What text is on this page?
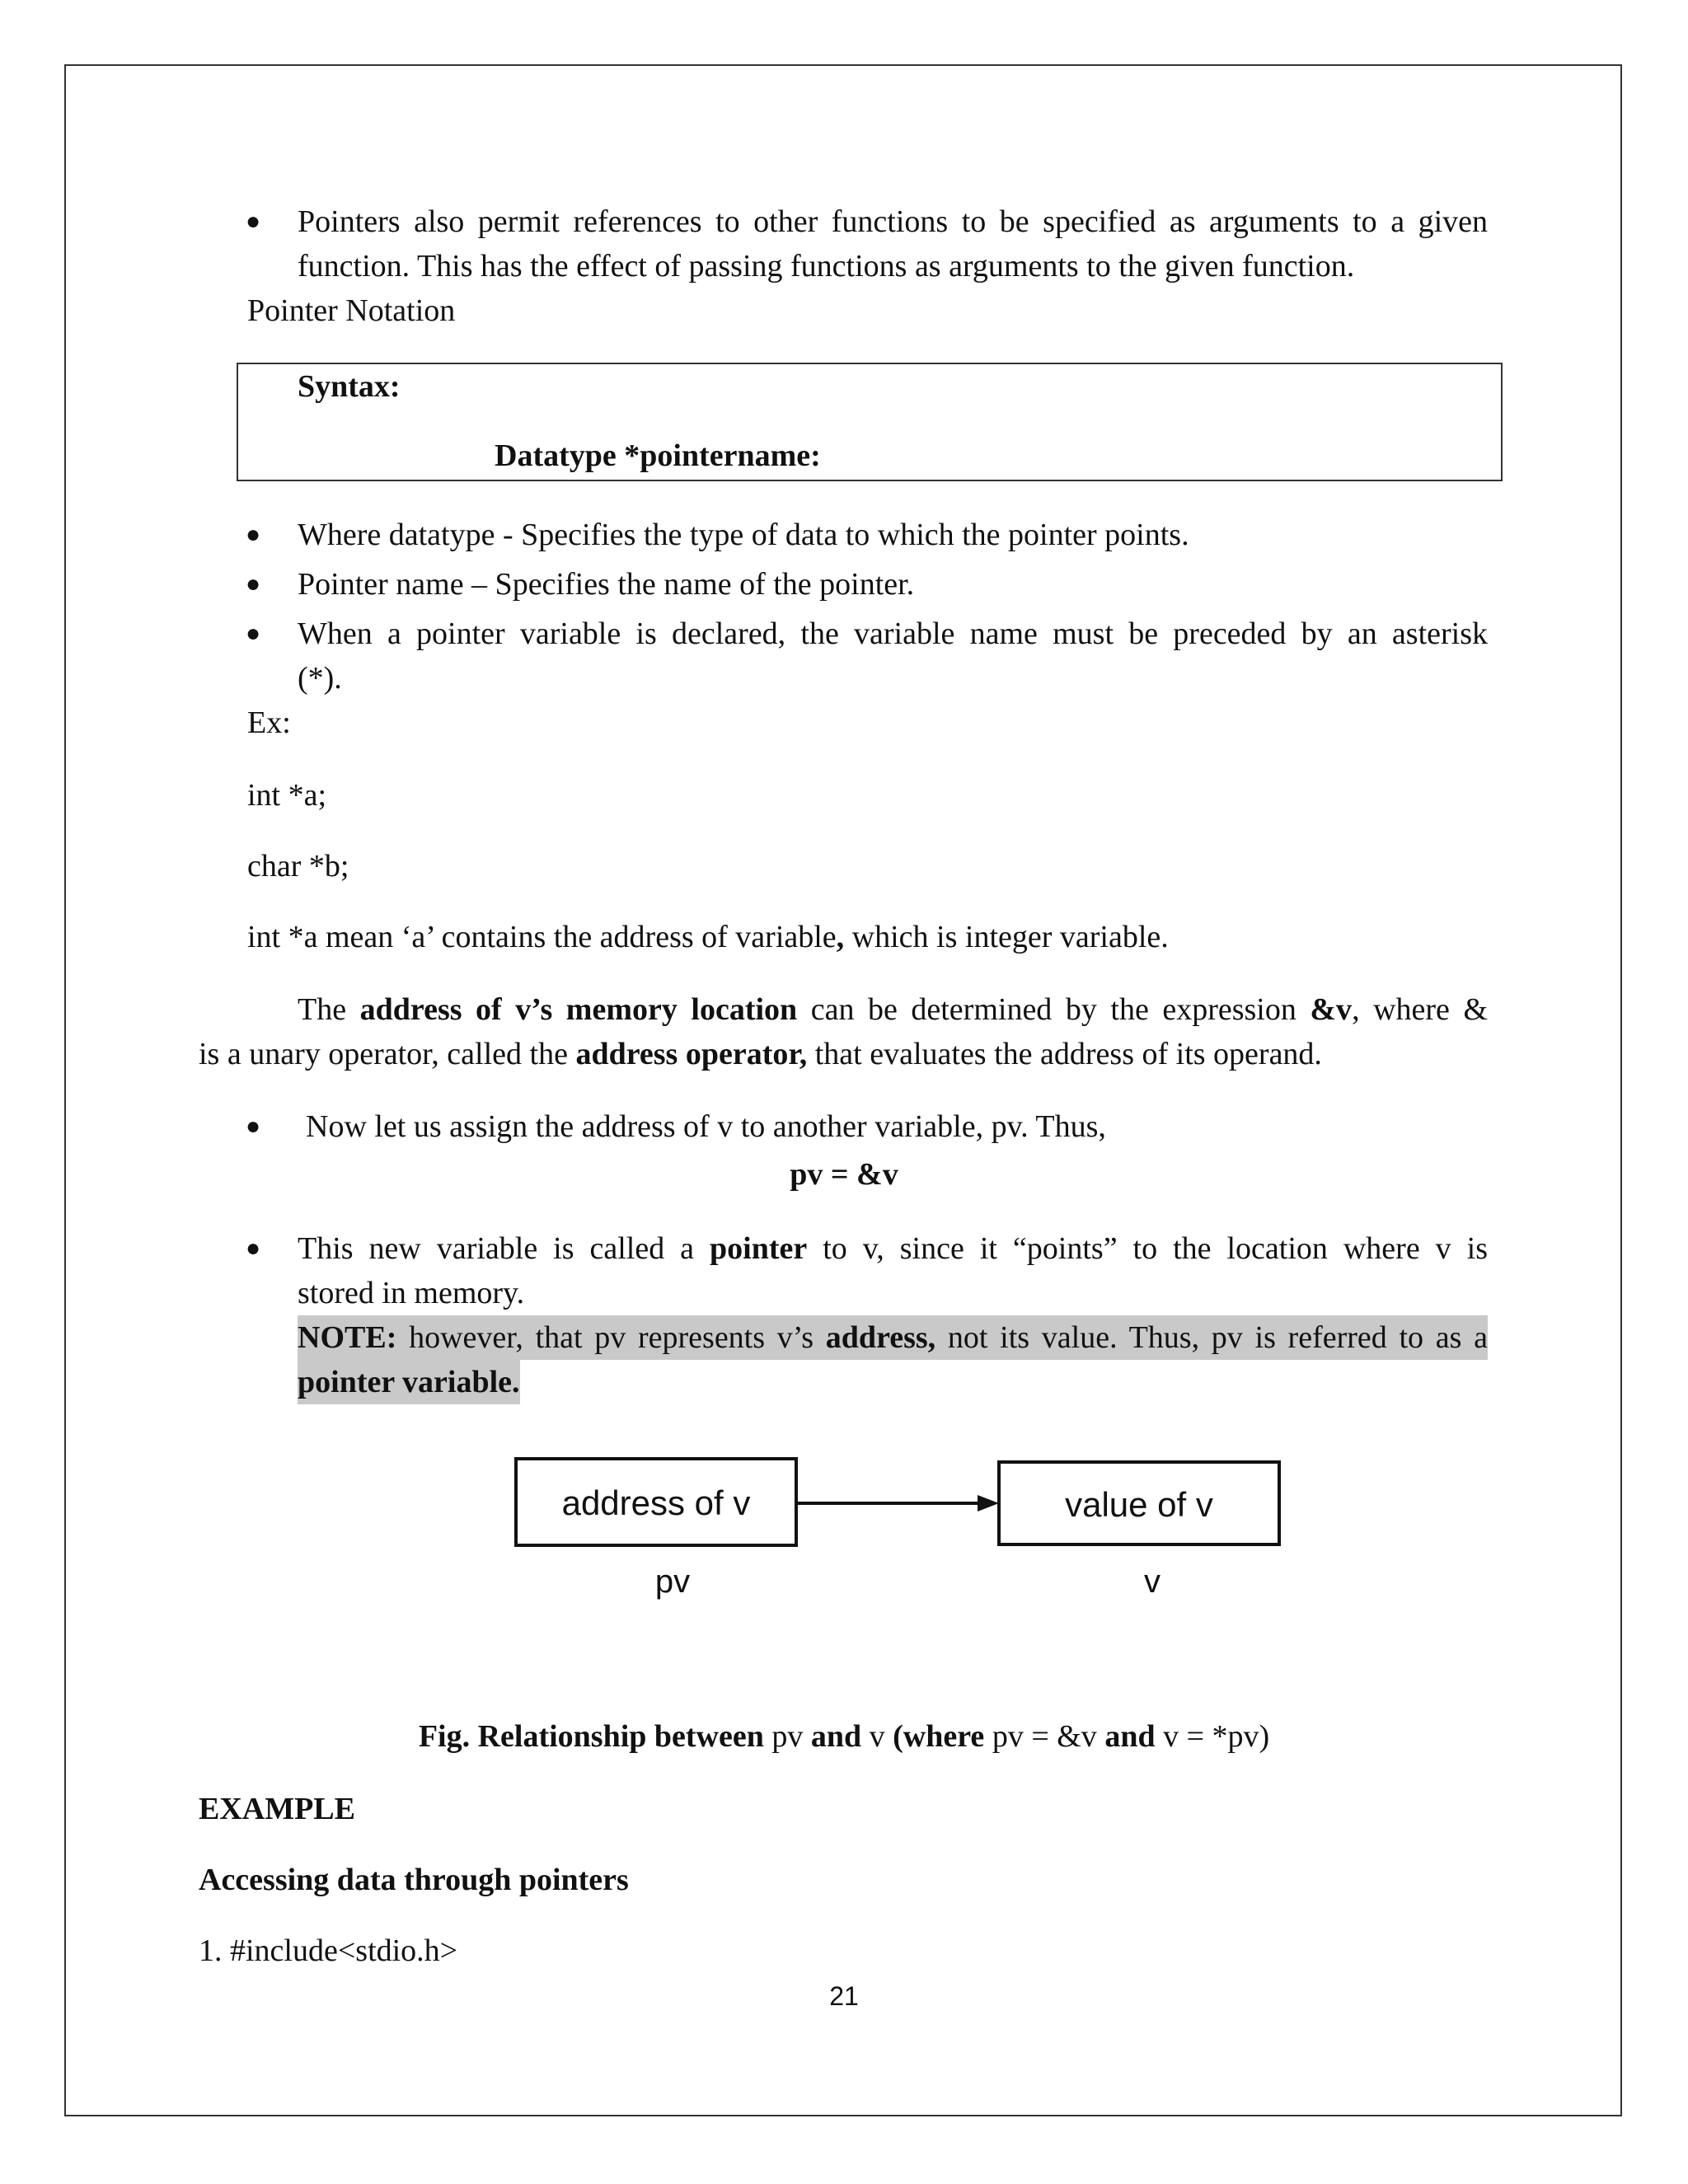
● Pointers also permit references to other functions to be specified as arguments to a given
function. This has the effect of passing functions as arguments to the given function.
Pointer Notation
Syntax:
Datatype *pointername:
● Where datatype - Specifies the type of data to which the pointer points.
● Pointer name – Specifies the name of the pointer.
● When a pointer variable is declared, the variable name must be preceded by an asterisk
(*).
Ex:
int *a;
char *b;
int *a mean ‘a’ contains the address of variable, which is integer variable.
The address of v’s memory location can be determined by the expression &v, where &
is a unary operator, called the address operator, that evaluates the address of its operand.
● Now let us assign the address of v to another variable, pv. Thus,
pv = &v
● This new variable is called a pointer to v, since it “points” to the location where v is
stored in memory.
NOTE: however, that pv represents v’s address, not its value. Thus, pv is referred to as a
pointer variable.
address of v	value of v
pv	v
Fig. Relationship between pv and v (where pv = &v and v = *pv)
EXAMPLE
Accessing data through pointers
1. #include<stdio.h>
21
